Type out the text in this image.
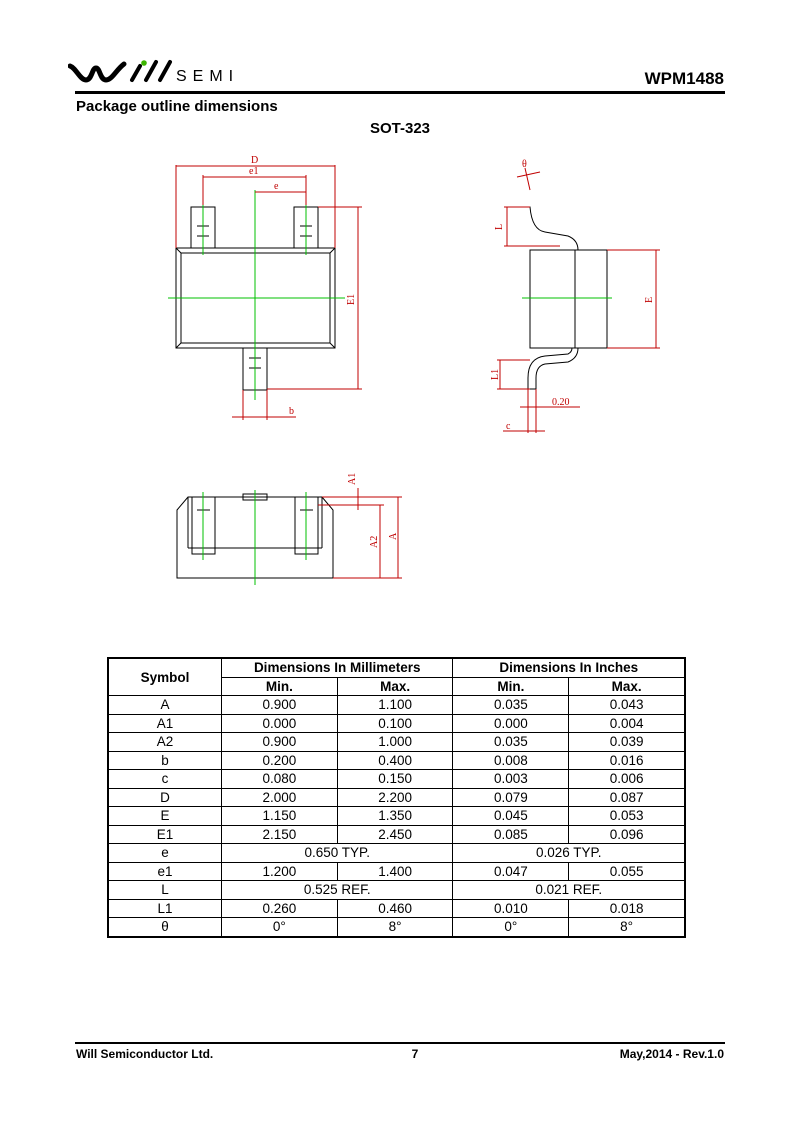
SEMI	WPM1488
Package outline dimensions
SOT-323
D
e1
e
E1
b
θ
L
E
L1
c
0.20
A1
A2 A
Symbol	Dimensions In Millimeters		Dimensions In Inches	
	Min.	Max.	Min.	Max.
A	0.900	1.100	0.035	0.043
A1	0.000	0.100	0.000	0.004
A2	0.900	1.000	0.035	0.039
b	0.200	0.400	0.008	0.016
c	0.080	0.150	0.003	0.006
D	2.000	2.200	0.079	0.087
E	1.150	1.350	0.045	0.053
E1	2.150	2.450	0.085	0.096
e	0.650 TYP.		0.026 TYP.	
e1	1.200	1.400	0.047	0.055
L	0.525 REF.		0.021 REF.	
L1	0.260	0.460	0.010	0.018
θ	0°	8°	0°	8°
Will Semiconductor Ltd.	7	May,2014 - Rev.1.0
